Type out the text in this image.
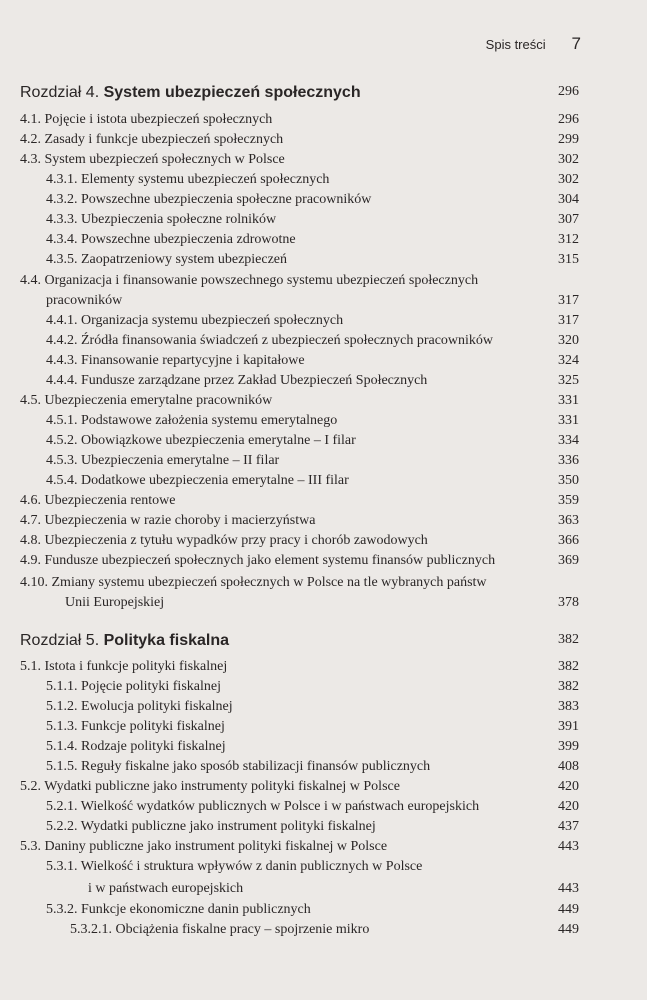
Spis treści 7
Rozdział 4. System ubezpieczeń społecznych	296
4.1. Pojęcie i istota ubezpieczeń społecznych	296
4.2. Zasady i funkcje ubezpieczeń społecznych	299
4.3. System ubezpieczeń społecznych w Polsce	302
4.3.1. Elementy systemu ubezpieczeń społecznych	302
4.3.2. Powszechne ubezpieczenia społeczne pracowników	304
4.3.3. Ubezpieczenia społeczne rolników	307
4.3.4. Powszechne ubezpieczenia zdrowotne	312
4.3.5. Zaopatrzeniowy system ubezpieczeń	315
4.4. Organizacja i finansowanie powszechnego systemu ubezpieczeń społecznych
pracowników	317
4.4.1. Organizacja systemu ubezpieczeń społecznych	317
4.4.2. Źródła finansowania świadczeń z ubezpieczeń społecznych pracowników	320
4.4.3. Finansowanie repartycyjne i kapitałowe	324
4.4.4. Fundusze zarządzane przez Zakład Ubezpieczeń Społecznych	325
4.5. Ubezpieczenia emerytalne pracowników	331
4.5.1. Podstawowe założenia systemu emerytalnego	331
4.5.2. Obowiązkowe ubezpieczenia emerytalne – I filar	334
4.5.3. Ubezpieczenia emerytalne – II filar	336
4.5.4. Dodatkowe ubezpieczenia emerytalne – III filar	350
4.6. Ubezpieczenia rentowe	359
4.7. Ubezpieczenia w razie choroby i macierzyństwa	363
4.8. Ubezpieczenia z tytułu wypadków przy pracy i chorób zawodowych	366
4.9. Fundusze ubezpieczeń społecznych jako element systemu finansów publicznych	369
4.10. Zmiany systemu ubezpieczeń społecznych w Polsce na tle wybranych państw
Unii Europejskiej	378
Rozdział 5. Polityka fiskalna	382
5.1. Istota i funkcje polityki fiskalnej	382
5.1.1. Pojęcie polityki fiskalnej	382
5.1.2. Ewolucja polityki fiskalnej	383
5.1.3. Funkcje polityki fiskalnej	391
5.1.4. Rodzaje polityki fiskalnej	399
5.1.5. Reguły fiskalne jako sposób stabilizacji finansów publicznych	408
5.2. Wydatki publiczne jako instrumenty polityki fiskalnej w Polsce	420
5.2.1. Wielkość wydatków publicznych w Polsce i w państwach europejskich	420
5.2.2. Wydatki publiczne jako instrument polityki fiskalnej	437
5.3. Daniny publiczne jako instrument polityki fiskalnej w Polsce	443
5.3.1. Wielkość i struktura wpływów z danin publicznych w Polsce
i w państwach europejskich	443
5.3.2. Funkcje ekonomiczne danin publicznych	449
5.3.2.1. Obciążenia fiskalne pracy – spojrzenie mikro	449
